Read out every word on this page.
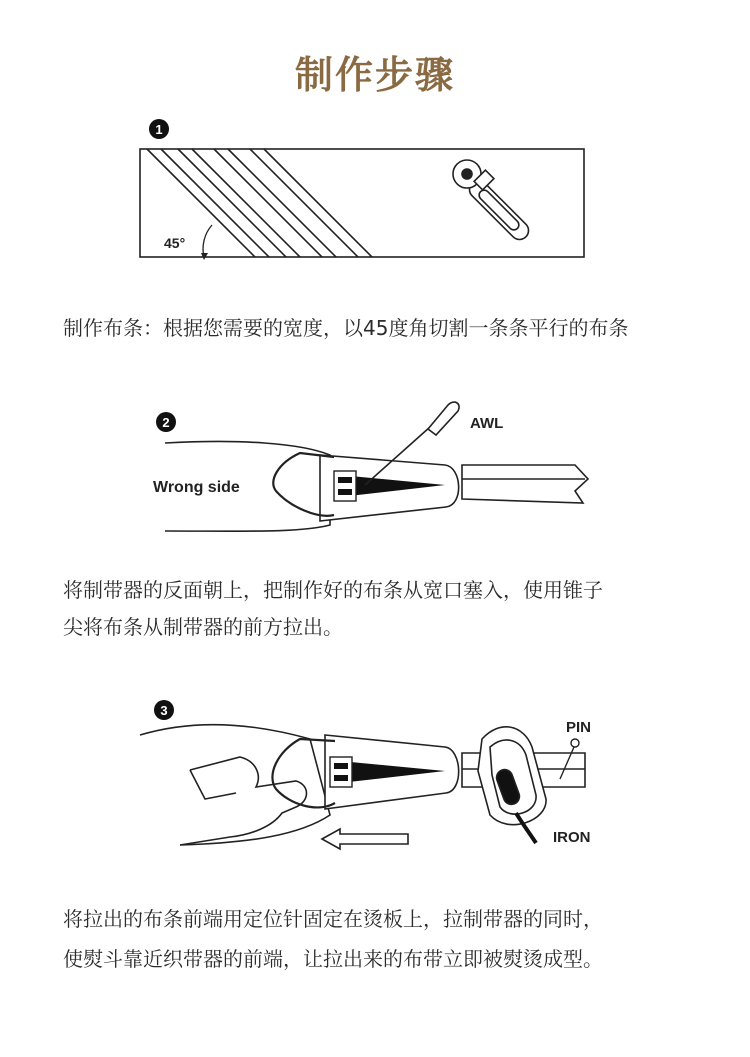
制作步骤
1
45°

制作布条：根据您需要的宽度，以45度角切割一条条平行的布条

2	AWL
Wrong side

将制带器的反面朝上，把制作好的布条从宽口塞入，使用锥子

尖将布条从制带器的前方拉出。

3
PIN
IRON

将拉出的布条前端用定位针固定在烫板上，拉制带器的同时，

使熨斗靠近织带器的前端，让拉出来的布带立即被熨烫成型。
